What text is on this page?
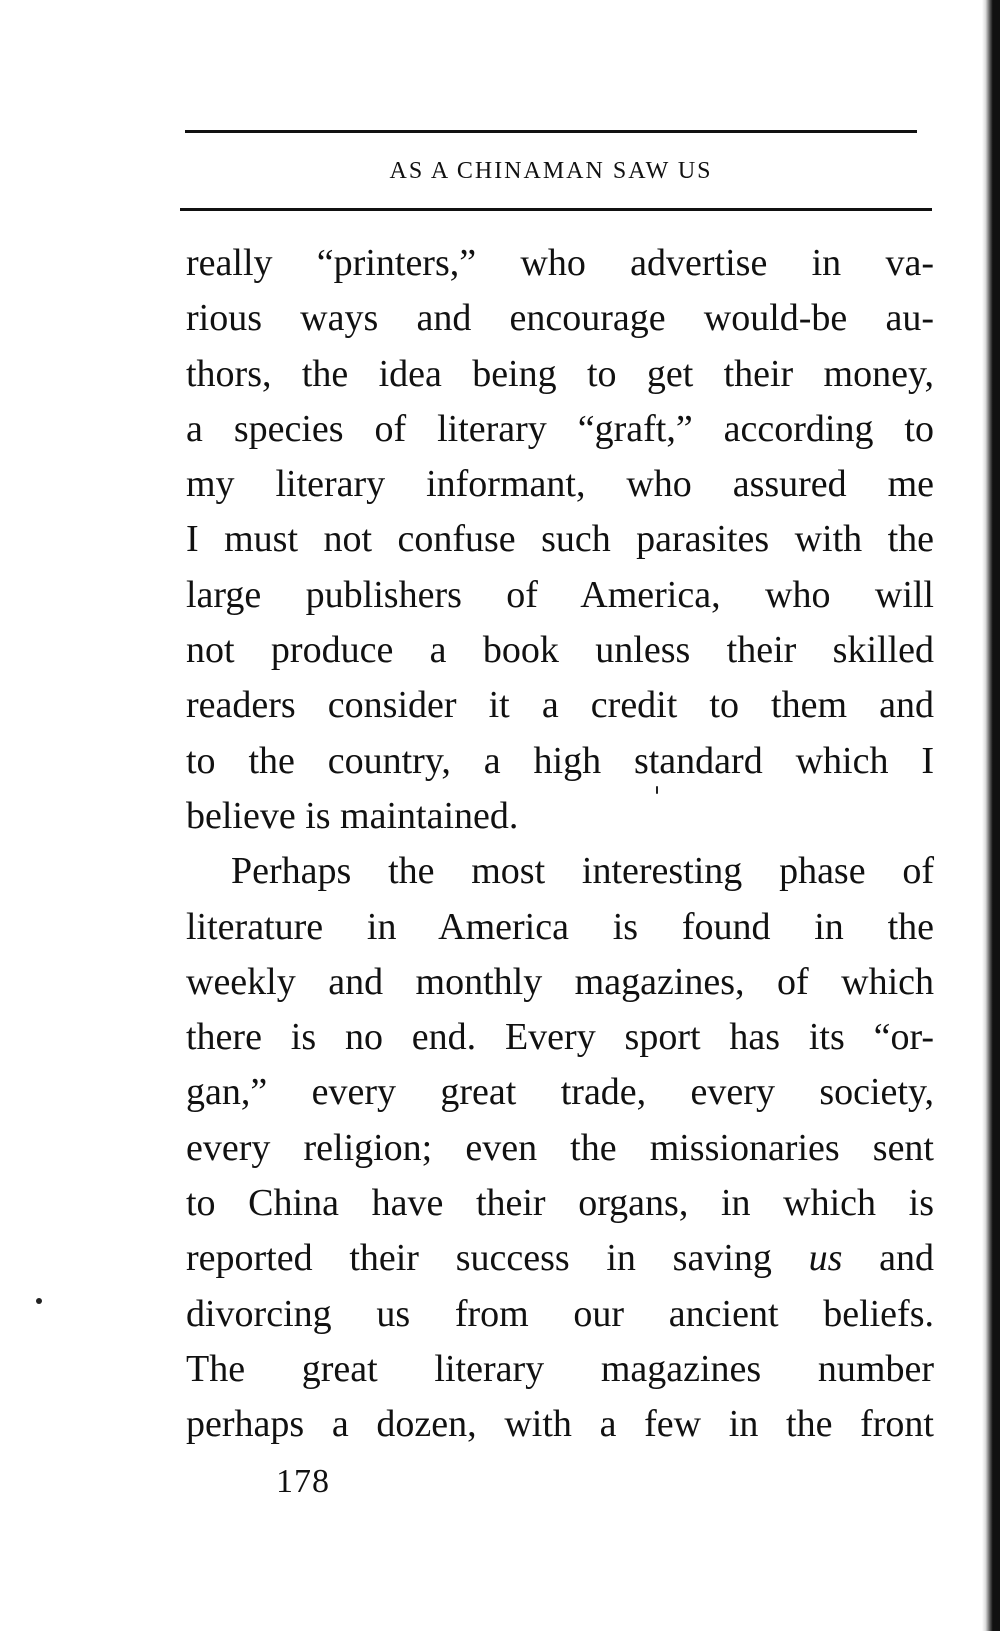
AS A CHINAMAN SAW US
really “printers,” who advertise in va-
rious ways and encourage would-be au-
thors, the idea being to get their money,
a species of literary “graft,” according to
my literary informant, who assured me
I must not confuse such parasites with the
large publishers of America, who will
not produce a book unless their skilled
readers consider it a credit to them and
to the country, a high standard which I
believe is maintained.
Perhaps the most interesting phase of
literature in America is found in the
weekly and monthly magazines, of which
there is no end. Every sport has its “or-
gan,” every great trade, every society,
every religion; even the missionaries sent
to China have their organs, in which is
reported their success in saving us and
divorcing us from our ancient beliefs.
The great literary magazines number
perhaps a dozen, with a few in the front
178
